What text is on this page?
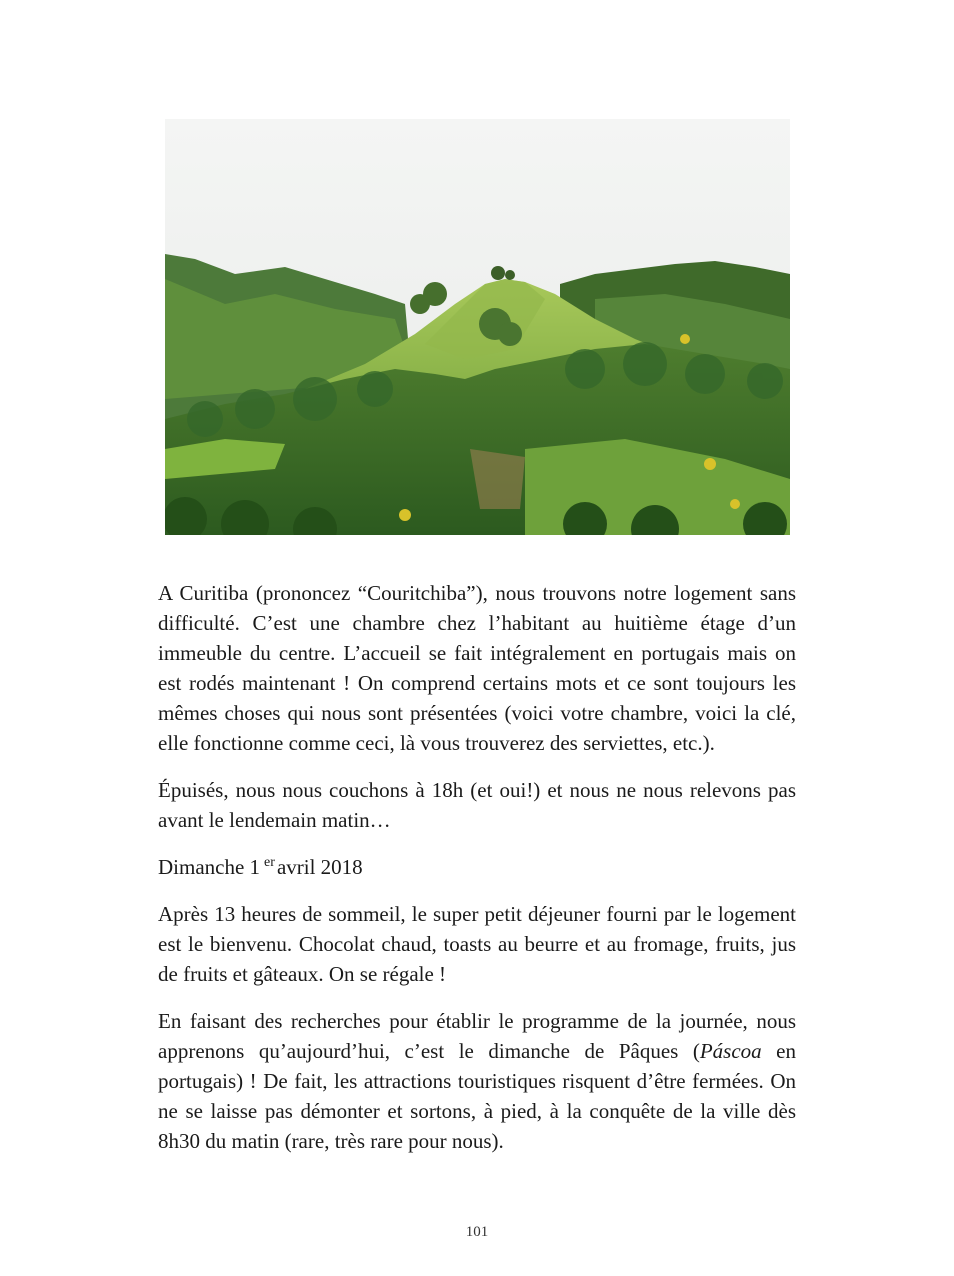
A Curitiba (prononcez “Couritchiba”), nous trouvons notre logement sans difficulté. C’est une chambre chez l’habitant au huitième étage d’un immeuble du centre. L’accueil se fait intégralement en portugais mais on est rodés maintenant ! On comprend certains mots et ce sont toujours les mêmes choses qui nous sont présentées (voici votre chambre, voici la clé, elle fonctionne comme ceci, là vous trouverez des serviettes, etc.).

Épuisés, nous nous couchons à 18h (et oui!) et nous ne nous relevons pas avant le lendemain matin…

Dimanche 1 $^{er}$avril 2018

Après 13 heures de sommeil, le super petit déjeuner fourni par le logement est le bienvenu. Chocolat chaud, toasts au beurre et au fromage, fruits, jus de fruits et gâteaux. On se régale !

En faisant des recherches pour établir le programme de la journée, nous apprenons qu’aujourd’hui, c’est le dimanche de Pâques (Páscoa en portugais) ! De fait, les attractions touristiques risquent d’être fermées. On ne se laisse pas démonter et sortons, à pied, à la conquête de la ville dès 8h30 du matin (rare, très rare pour nous).

101
